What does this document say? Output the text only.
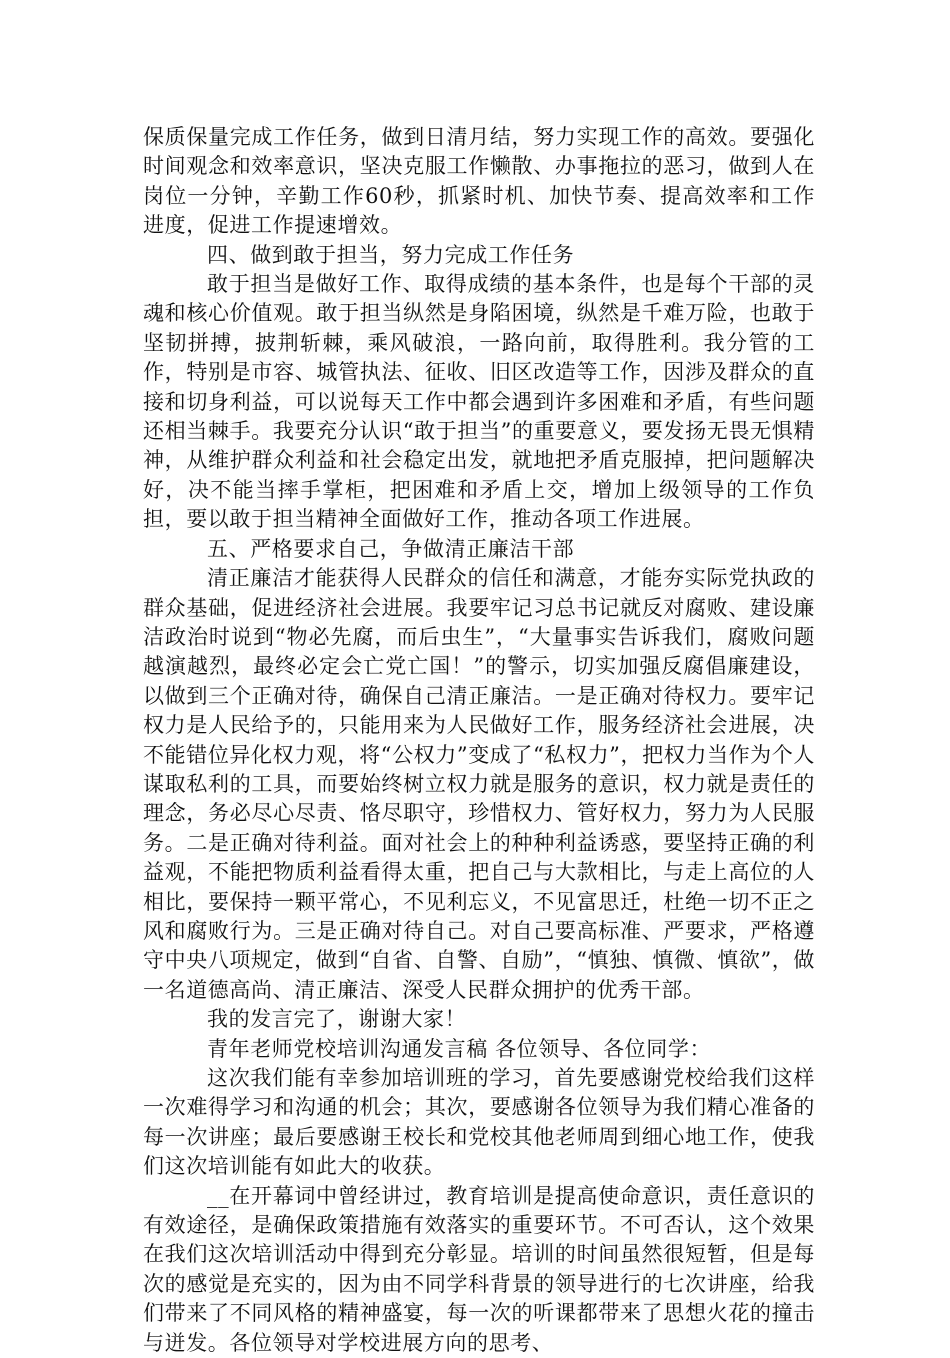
保质保量完成工作任务，做到日清月结，努力实现工作的高效。要强化时间观念和效率意识，坚决克服工作懒散、办事拖拉的恶习，做到人在岗位一分钟，辛勤工作60秒，抓紧时机、加快节奏、提高效率和工作进度，促进工作提速增效。

四、做到敢于担当，努力完成工作任务

敢于担当是做好工作、取得成绩的基本条件，也是每个干部的灵魂和核心价值观。敢于担当纵然是身陷困境，纵然是千难万险，也敢于坚韧拼搏，披荆斩棘，乘风破浪，一路向前，取得胜利。我分管的工作，特别是市容、城管执法、征收、旧区改造等工作，因涉及群众的直接和切身利益，可以说每天工作中都会遇到许多困难和矛盾，有些问题还相当棘手。我要充分认识“敢于担当”的重要意义，要发扬无畏无惧精神，从维护群众利益和社会稳定出发，就地把矛盾克服掉，把问题解决好，决不能当摔手掌柜，把困难和矛盾上交，增加上级领导的工作负担，要以敢于担当精神全面做好工作，推动各项工作进展。

五、严格要求自己，争做清正廉洁干部

清正廉洁才能获得人民群众的信任和满意，才能夯实际党执政的群众基础，促进经济社会进展。我要牢记习总书记就反对腐败、建设廉洁政治时说到“物必先腐，而后虫生”，“大量事实告诉我们，腐败问题越演越烈，最终必定会亡党亡国！”的警示，切实加强反腐倡廉建设，以做到三个正确对待，确保自己清正廉洁。一是正确对待权力。要牢记权力是人民给予的，只能用来为人民做好工作，服务经济社会进展，决不能错位异化权力观，将“公权力”变成了“私权力”，把权力当作为个人谋取私利的工具，而要始终树立权力就是服务的意识，权力就是责任的理念，务必尽心尽责、恪尽职守，珍惜权力、管好权力，努力为人民服务。二是正确对待利益。面对社会上的种种利益诱惑，要坚持正确的利益观，不能把物质利益看得太重，把自己与大款相比，与走上高位的人相比，要保持一颗平常心，不见利忘义，不见富思迁，杜绝一切不正之风和腐败行为。三是正确对待自己。对自己要高标准、严要求，严格遵守中央八项规定，做到“自省、自警、自励”，“慎独、慎微、慎欲”，做一名道德高尚、清正廉洁、深受人民群众拥护的优秀干部。

我的发言完了，谢谢大家！

青年老师党校培训沟通发言稿 各位领导、各位同学：

这次我们能有幸参加培训班的学习，首先要感谢党校给我们这样一次难得学习和沟通的机会；其次，要感谢各位领导为我们精心准备的每一次讲座；最后要感谢王校长和党校其他老师周到细心地工作，使我们这次培训能有如此大的收获。

__在开幕词中曾经讲过，教育培训是提高使命意识，责任意识的有效途径，是确保政策措施有效落实的重要环节。不可否认，这个效果在我们这次培训活动中得到充分彰显。培训的时间虽然很短暂，但是每次的感觉是充实的，因为由不同学科背景的领导进行的七次讲座，给我们带来了不同风格的精神盛宴，每一次的听课都带来了思想火花的撞击与迸发。各位领导对学校进展方向的思考、
